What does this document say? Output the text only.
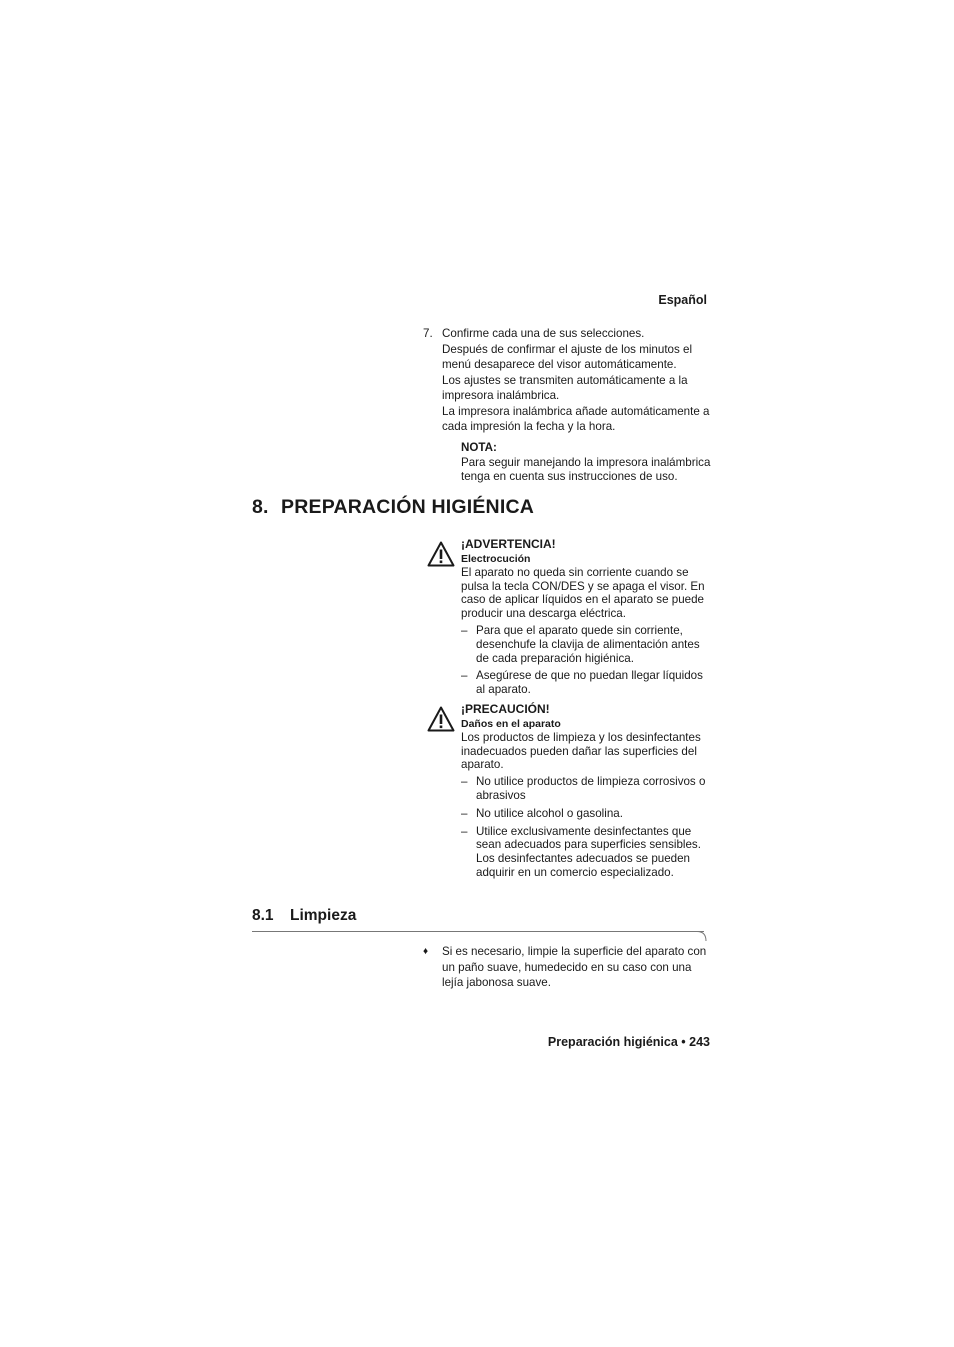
Español
7. Confirme cada una de sus selecciones.

Después de confirmar el ajuste de los minutos el menú desaparece del visor automáticamente.

Los ajustes se transmiten automáticamente a la impresora inalámbrica.

La impresora inalámbrica añade automáticamente a cada impresión la fecha y la hora.

NOTA:
Para seguir manejando la impresora inalámbrica tenga en cuenta sus instrucciones de uso.
8. PREPARACIÓN HIGIÉNICA
¡ADVERTENCIA!
Electrocución

El aparato no queda sin corriente cuando se pulsa la tecla CON/DES y se apaga el visor. En caso de aplicar líquidos en el aparato se puede producir una descarga eléctrica.

– Para que el aparato quede sin corriente, desenchufe la clavija de alimentación antes de cada preparación higiénica.
– Asegúrese de que no puedan llegar líquidos al aparato.
¡PRECAUCIÓN!
Daños en el aparato

Los productos de limpieza y los desinfectantes inadecuados pueden dañar las superficies del aparato.

– No utilice productos de limpieza corrosivos o abrasivos
– No utilice alcohol o gasolina.
– Utilice exclusivamente desinfectantes que sean adecuados para superficies sensibles. Los desinfectantes adecuados se pueden adquirir en un comercio especializado.
8.1 Limpieza
♦ Si es necesario, limpie la superficie del aparato con un paño suave, humedecido en su caso con una lejía jabonosa suave.
Preparación higiénica • 243
